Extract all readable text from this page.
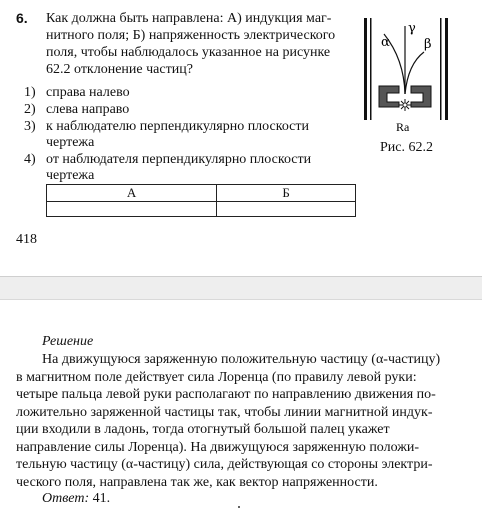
6. Как должна быть направлена: А) индукция маг-
нитного поля; Б) напряженность электрического
поля, чтобы наблюдалось указанное на рисунке
62.2 отклонение частиц?
1) справа налево
2) слева направо
3) к наблюдателю перпендикулярно плоскости
чертежа
4) от наблюдателя перпендикулярно плоскости
чертежа
А	Б

α
γ
β
Ra
Рис. 62.2
418
Решение
На движущуюся заряженную положительную частицу (α-частицу)
в магнитном поле действует сила Лоренца (по правилу левой руки:
четыре пальца левой руки располагают по направлению движения по-
ложительно заряженной частицы так, чтобы линии магнитной индук-
ции входили в ладонь, тогда отогнутый большой палец укажет
направление силы Лоренца). На движущуюся заряженную положи-
тельную частицу (α-частицу) сила, действующая со стороны электри-
ческого поля, направлена так же, как вектор напряженности.
Ответ: 41.
